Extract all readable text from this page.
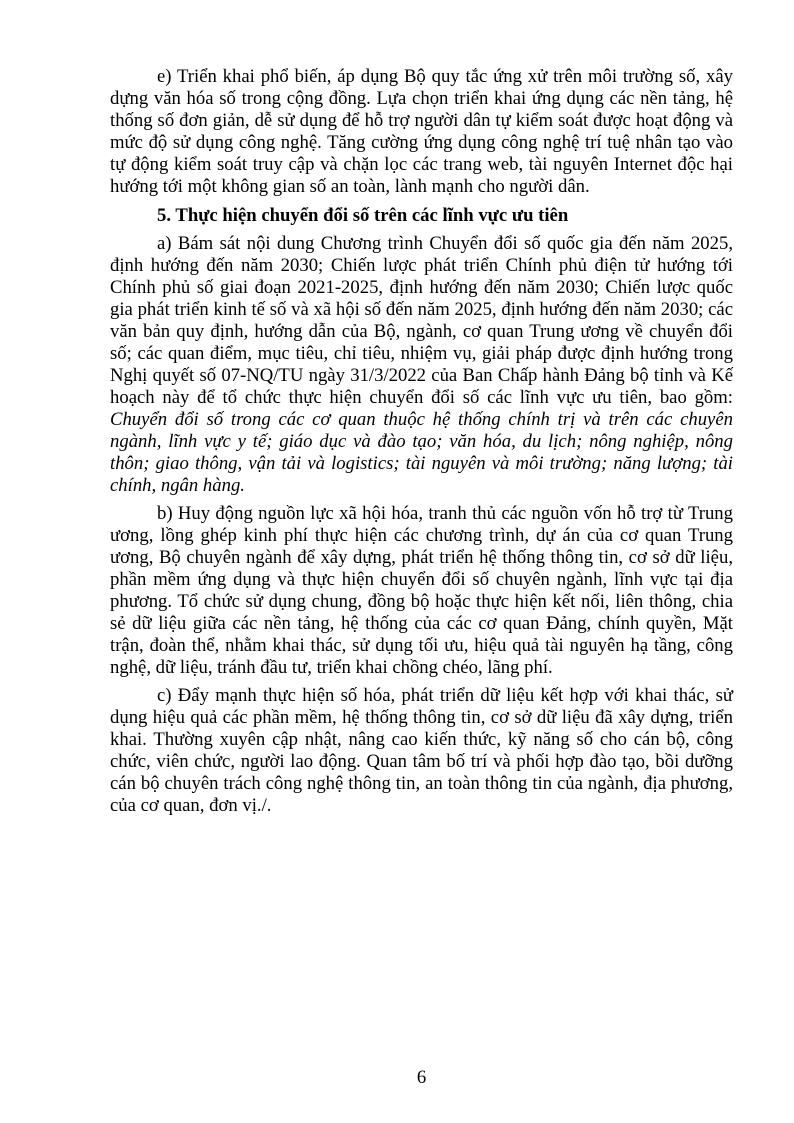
e) Triển khai phổ biến, áp dụng Bộ quy tắc ứng xử trên môi trường số, xây dựng văn hóa số trong cộng đồng. Lựa chọn triển khai ứng dụng các nền tảng, hệ thống số đơn giản, dễ sử dụng để hỗ trợ người dân tự kiểm soát được hoạt động và mức độ sử dụng công nghệ. Tăng cường ứng dụng công nghệ trí tuệ nhân tạo vào tự động kiểm soát truy cập và chặn lọc các trang web, tài nguyên Internet độc hại hướng tới một không gian số an toàn, lành mạnh cho người dân.

5. Thực hiện chuyển đổi số trên các lĩnh vực ưu tiên

a) Bám sát nội dung Chương trình Chuyển đổi số quốc gia đến năm 2025, định hướng đến năm 2030; Chiến lược phát triển Chính phủ điện tử hướng tới Chính phủ số giai đoạn 2021-2025, định hướng đến năm 2030; Chiến lược quốc gia phát triển kinh tế số và xã hội số đến năm 2025, định hướng đến năm 2030; các văn bản quy định, hướng dẫn của Bộ, ngành, cơ quan Trung ương về chuyển đổi số; các quan điểm, mục tiêu, chỉ tiêu, nhiệm vụ, giải pháp được định hướng trong Nghị quyết số 07-NQ/TU ngày 31/3/2022 của Ban Chấp hành Đảng bộ tỉnh và Kế hoạch này để tổ chức thực hiện chuyển đổi số các lĩnh vực ưu tiên, bao gồm: Chuyển đổi số trong các cơ quan thuộc hệ thống chính trị và trên các chuyên ngành, lĩnh vực y tế; giáo dục và đào tạo; văn hóa, du lịch; nông nghiệp, nông thôn; giao thông, vận tải và logistics; tài nguyên và môi trường; năng lượng; tài chính, ngân hàng.

b) Huy động nguồn lực xã hội hóa, tranh thủ các nguồn vốn hỗ trợ từ Trung ương, lồng ghép kinh phí thực hiện các chương trình, dự án của cơ quan Trung ương, Bộ chuyên ngành để xây dựng, phát triển hệ thống thông tin, cơ sở dữ liệu, phần mềm ứng dụng và thực hiện chuyển đổi số chuyên ngành, lĩnh vực tại địa phương. Tổ chức sử dụng chung, đồng bộ hoặc thực hiện kết nối, liên thông, chia sẻ dữ liệu giữa các nền tảng, hệ thống của các cơ quan Đảng, chính quyền, Mặt trận, đoàn thể, nhằm khai thác, sử dụng tối ưu, hiệu quả tài nguyên hạ tầng, công nghệ, dữ liệu, tránh đầu tư, triển khai chồng chéo, lãng phí.

c) Đẩy mạnh thực hiện số hóa, phát triển dữ liệu kết hợp với khai thác, sử dụng hiệu quả các phần mềm, hệ thống thông tin, cơ sở dữ liệu đã xây dựng, triển khai. Thường xuyên cập nhật, nâng cao kiến thức, kỹ năng số cho cán bộ, công chức, viên chức, người lao động. Quan tâm bố trí và phối hợp đào tạo, bồi dưỡng cán bộ chuyên trách công nghệ thông tin, an toàn thông tin của ngành, địa phương, của cơ quan, đơn vị./.

6
